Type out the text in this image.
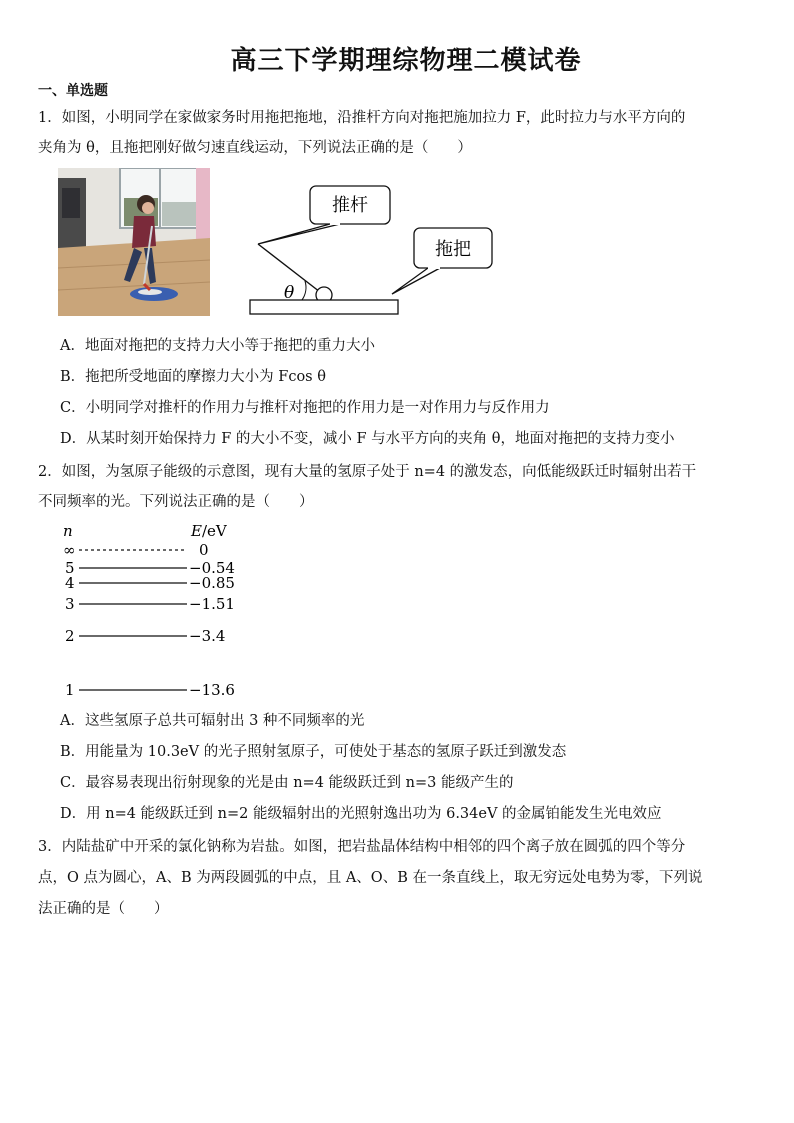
高三下学期理综物理二模试卷
一、单选题
1．如图，小明同学在家做家务时用拖把拖地，沿推杆方向对拖把施加拉力 F，此时拉力与水平方向的
夹角为 θ，且拖把刚好做匀速直线运动，下列说法正确的是（　　）
推杆
拖把
θ
A．地面对拖把的支持力大小等于拖把的重力大小
B．拖把所受地面的摩擦力大小为 Fcos θ
C．小明同学对推杆的作用力与推杆对拖把的作用力是一对作用力与反作用力
D．从某时刻开始保持力 F 的大小不变，减小 F 与水平方向的夹角 θ，地面对拖把的支持力变小
2．如图，为氢原子能级的示意图，现有大量的氢原子处于 n=4 的激发态，向低能级跃迁时辐射出若干
不同频率的光。下列说法正确的是（　　）
n	E/eV
∞	0
5	−0.54
4	−0.85
3	−1.51
2	−3.4
1	−13.6
A．这些氢原子总共可辐射出 3 种不同频率的光
B．用能量为 10.3eV 的光子照射氢原子，可使处于基态的氢原子跃迁到激发态
C．最容易表现出衍射现象的光是由 n=4 能级跃迁到 n=3 能级产生的
D．用 n=4 能级跃迁到 n=2 能级辐射出的光照射逸出功为 6.34eV 的金属铂能发生光电效应
3．内陆盐矿中开采的氯化钠称为岩盐。如图，把岩盐晶体结构中相邻的四个离子放在圆弧的四个等分
点，O 点为圆心，A、B 为两段圆弧的中点，且 A、O、B 在一条直线上，取无穷远处电势为零，下列说
法正确的是（　　）
